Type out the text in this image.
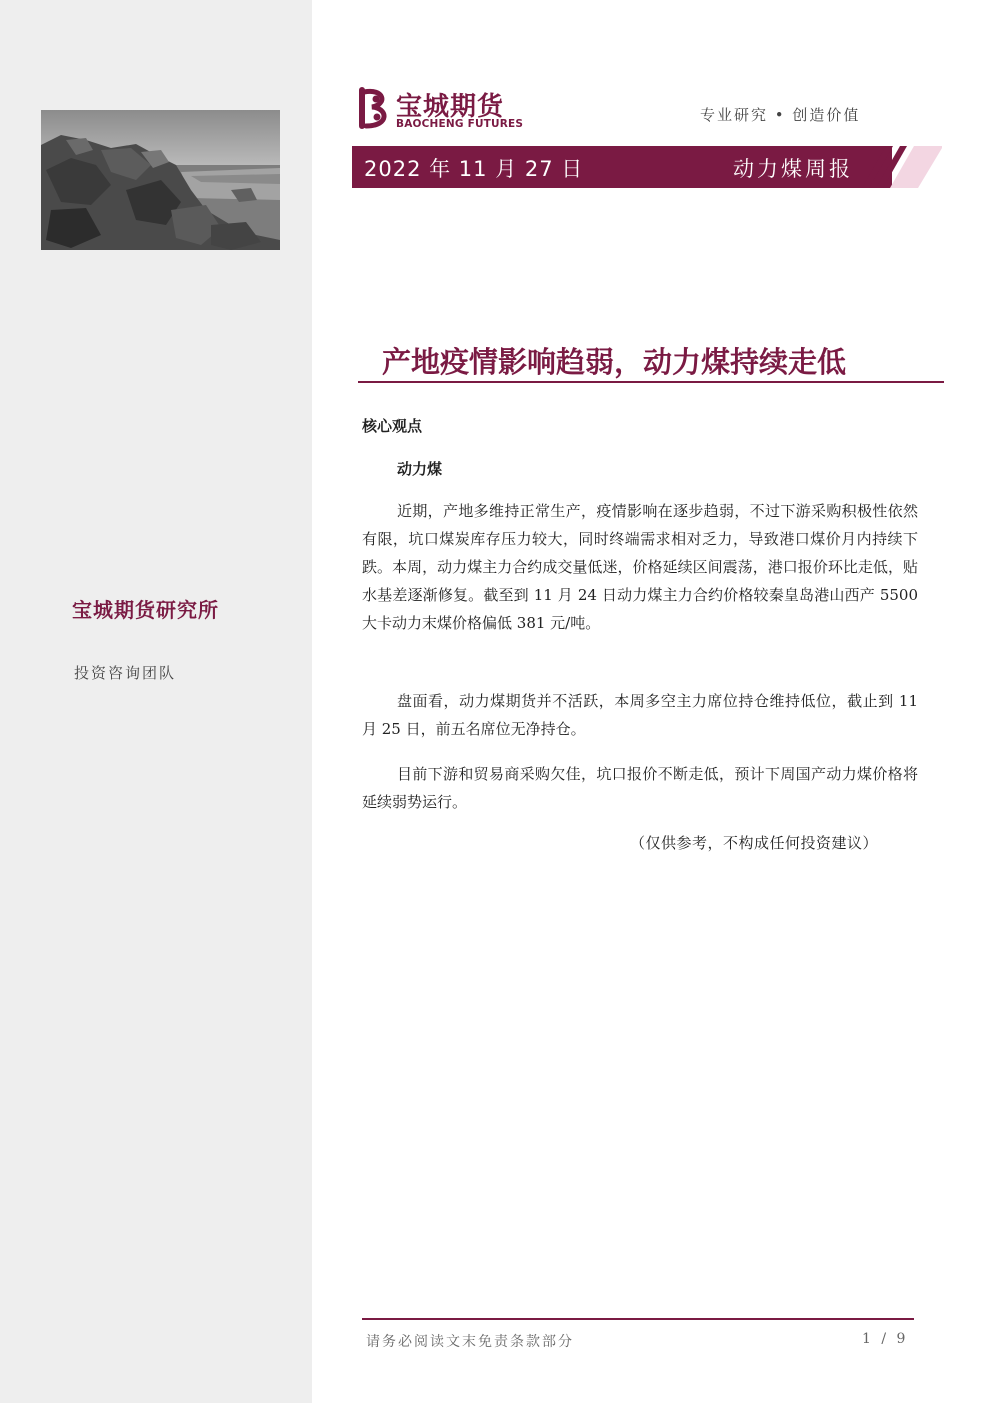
宝城期货研究所
投资咨询团队
宝城期货
BAOCHENG FUTURES	专业研究 • 创造价值
2022 年 11 月 27 日	动力煤周报
产地疫情影响趋弱，动力煤持续走低
核心观点
动力煤

近期，产地多维持正常生产，疫情影响在逐步趋弱，不过下游采购积极性依然有限，坑口煤炭库存压力较大，同时终端需求相对乏力，导致港口煤价月内持续下跌。本周，动力煤主力合约成交量低迷，价格延续区间震荡，港口报价环比走低，贴水基差逐渐修复。截至到 11 月 24 日动力煤主力合约价格较秦皇岛港山西产 5500 大卡动力末煤价格偏低 381 元/吨。

盘面看，动力煤期货并不活跃，本周多空主力席位持仓维持低位，截止到 11 月 25 日，前五名席位无净持仓。

目前下游和贸易商采购欠佳，坑口报价不断走低，预计下周国产动力煤价格将延续弱势运行。

（仅供参考，不构成任何投资建议）
请务必阅读文末免责条款部分	1 / 9
